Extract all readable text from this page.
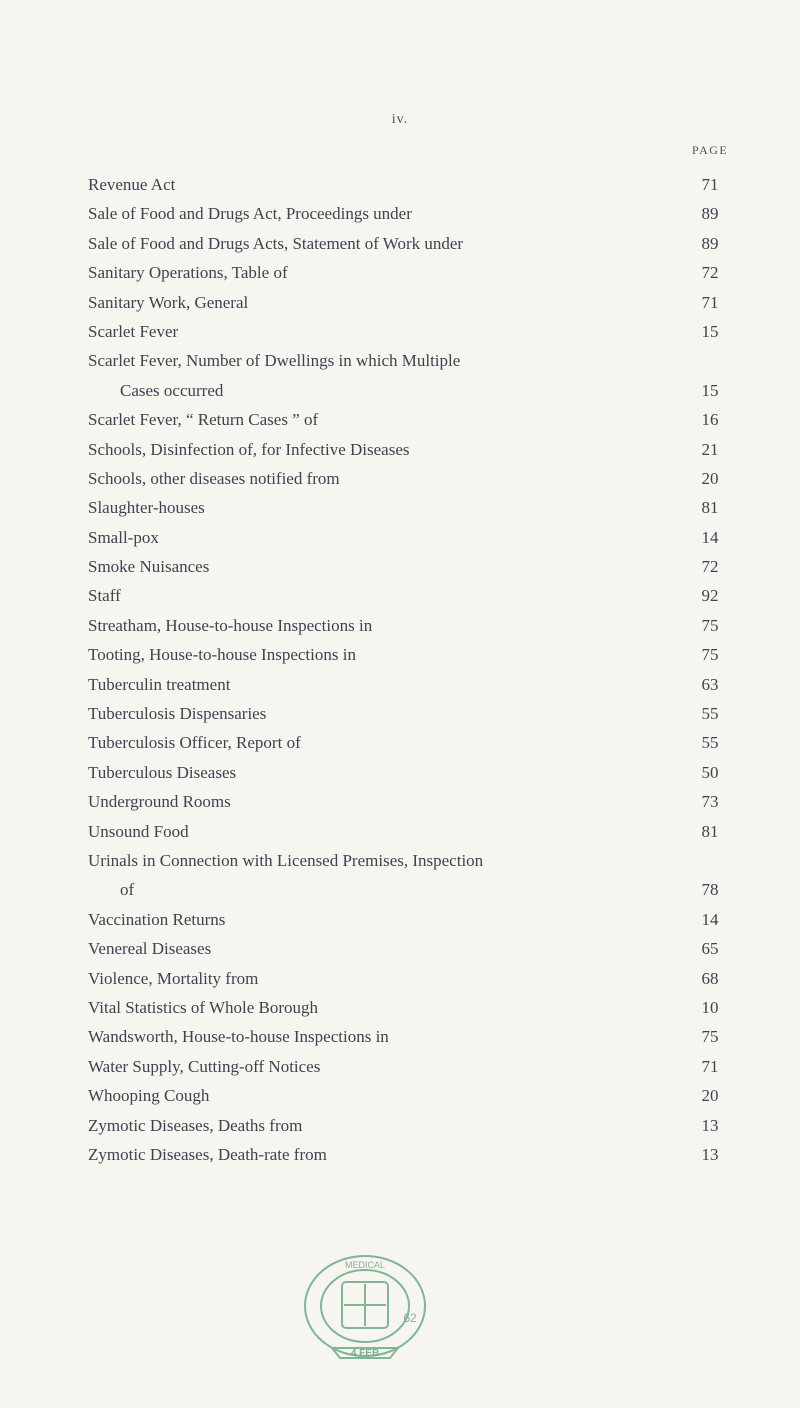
iv.
PAGE
Revenue Act	71
Sale of Food and Drugs Act, Proceedings under	89
Sale of Food and Drugs Acts, Statement of Work under	89
Sanitary Operations, Table of	72
Sanitary Work, General	71
Scarlet Fever	15
Scarlet Fever, Number of Dwellings in which Multiple
Cases occurred	15
Scarlet Fever, “ Return Cases ” of	16
Schools, Disinfection of, for Infective Diseases	21
Schools, other diseases notified from	20
Slaughter-houses	81
Small-pox	14
Smoke Nuisances	72
Staff	92
Streatham, House-to-house Inspections in	75
Tooting, House-to-house Inspections in	75
Tuberculin treatment	63
Tuberculosis Dispensaries	55
Tuberculosis Officer, Report of	55
Tuberculous Diseases	50
Underground Rooms	73
Unsound Food	81
Urinals in Connection with Licensed Premises, Inspection
of	78
Vaccination Returns	14
Venereal Diseases	65
Violence, Mortality from	68
Vital Statistics of Whole Borough	10
Wandsworth, House-to-house Inspections in	75
Water Supply, Cutting-off Notices	71
Whooping Cough	20
Zymotic Diseases, Deaths from	13
Zymotic Diseases, Death-rate from	13
MEDICAL
62
4 FEB
